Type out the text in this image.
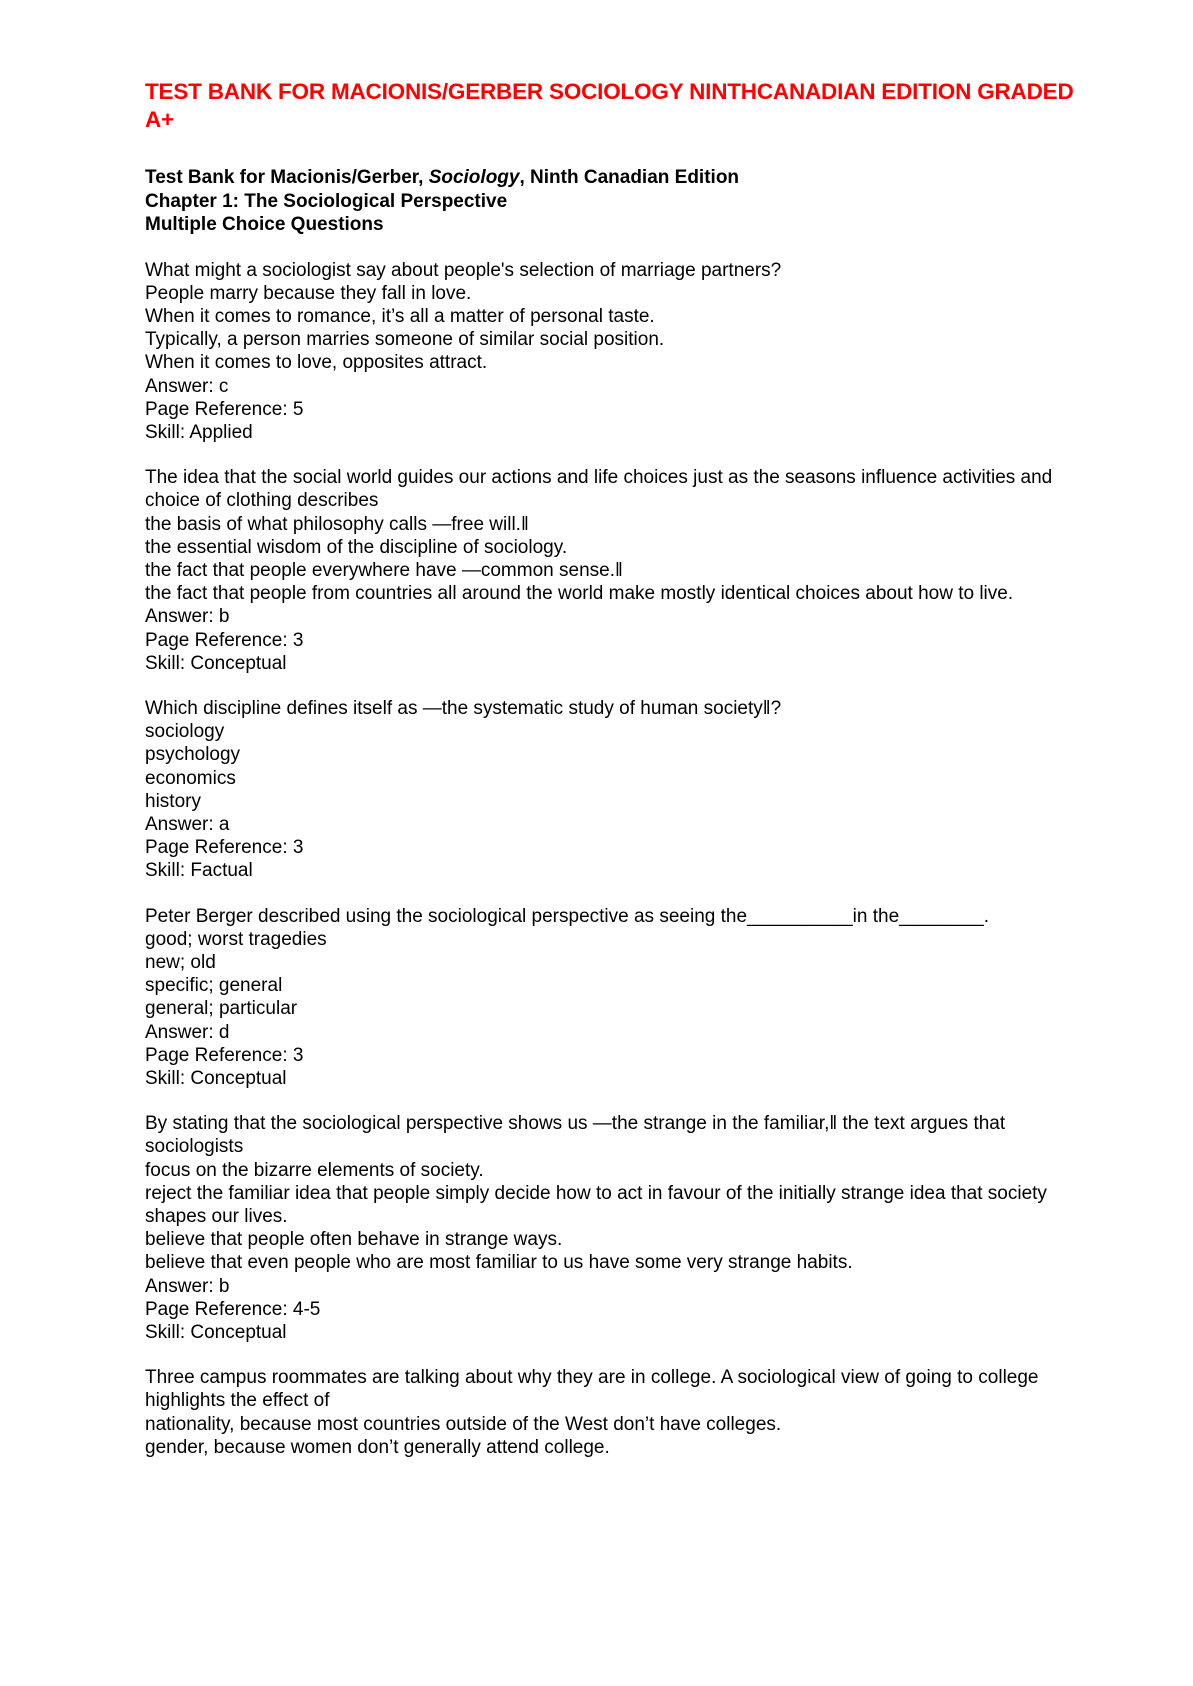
TEST BANK FOR MACIONIS/GERBER SOCIOLOGY NINTHCANADIAN EDITION GRADED A+
Test Bank for Macionis/Gerber, Sociology, Ninth Canadian Edition
Chapter 1: The Sociological Perspective
Multiple Choice Questions
What might a sociologist say about people's selection of marriage partners?
People marry because they fall in love.
When it comes to romance, it’s all a matter of personal taste.
Typically, a person marries someone of similar social position.
When it comes to love, opposites attract.
Answer: c
Page Reference: 5
Skill: Applied
The idea that the social world guides our actions and life choices just as the seasons influence activities and choice of clothing describes
the basis of what philosophy calls ―free will.‖
the essential wisdom of the discipline of sociology.
the fact that people everywhere have ―common sense.‖
the fact that people from countries all around the world make mostly identical choices about how to live.
Answer: b
Page Reference: 3
Skill: Conceptual
Which discipline defines itself as ―the systematic study of human society‖?
sociology
psychology
economics
history
Answer: a
Page Reference: 3
Skill: Factual
Peter Berger described using the sociological perspective as seeing the__________in the________.
good; worst tragedies
new; old
specific; general
general; particular
Answer: d
Page Reference: 3
Skill: Conceptual
By stating that the sociological perspective shows us ―the strange in the familiar,‖ the text argues that sociologists
focus on the bizarre elements of society.
reject the familiar idea that people simply decide how to act in favour of the initially strange idea that society shapes our lives.
believe that people often behave in strange ways.
believe that even people who are most familiar to us have some very strange habits.
Answer: b
Page Reference: 4-5
Skill: Conceptual
Three campus roommates are talking about why they are in college. A sociological view of going to college highlights the effect of
nationality, because most countries outside of the West don’t have colleges.
gender, because women don’t generally attend college.
